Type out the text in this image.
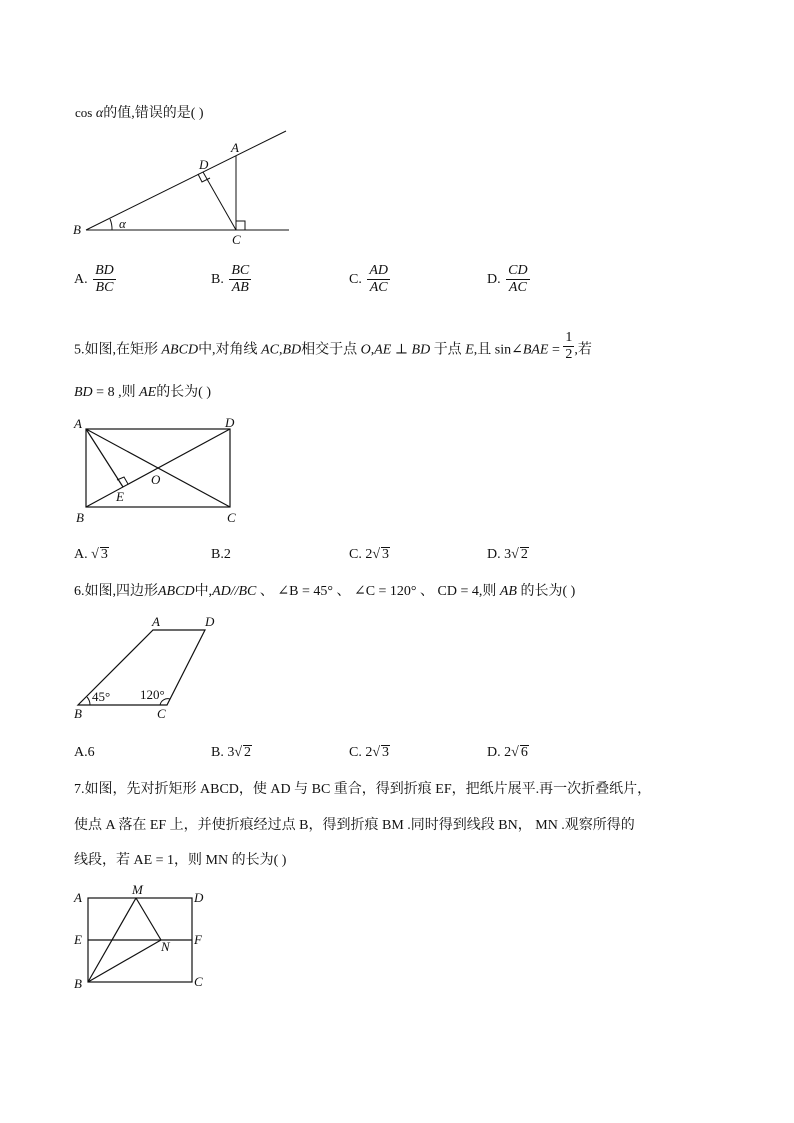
cos α的值,错误的是( )
A
B
C
D
α
A. $\frac{BD}{BC}$	B. $\frac{BC}{AB}$	C. $\frac{AD}{AC}$	D. $\frac{CD}{AC}$
5.如图,在矩形 ABCD中,对角线 AC,BD相交于点 O,AE ⊥ BD 于点 E,且 sin∠BAE = $\frac{1}{2}$ ,若
BD = 8 ,则 AE的长为( )
A	D
B	C
E
O
A. √ 3	B.2	C. 2√ 3	D. 3√ 2
6.如图,四边形ABCD中,AD//BC 、 ∠B = 45° 、 ∠C = 120° 、 CD = 4,则 AB 的长为( )
A	D
B	C
45° 120°
A.6	B. 3√ 2	C. 2√ 3	D. 2√ 6
7.如图，先对折矩形 ABCD，使 AD 与 BC 重合，得到折痕 EF，把纸片展平.再一次折叠纸片，
使点 A 落在 EF 上，并使折痕经过点 B，得到折痕 BM .同时得到线段 BN， MN .观察所得的
线段，若 AE = 1，则 MN 的长为( )
A
M
D
E	F
N
B	C
